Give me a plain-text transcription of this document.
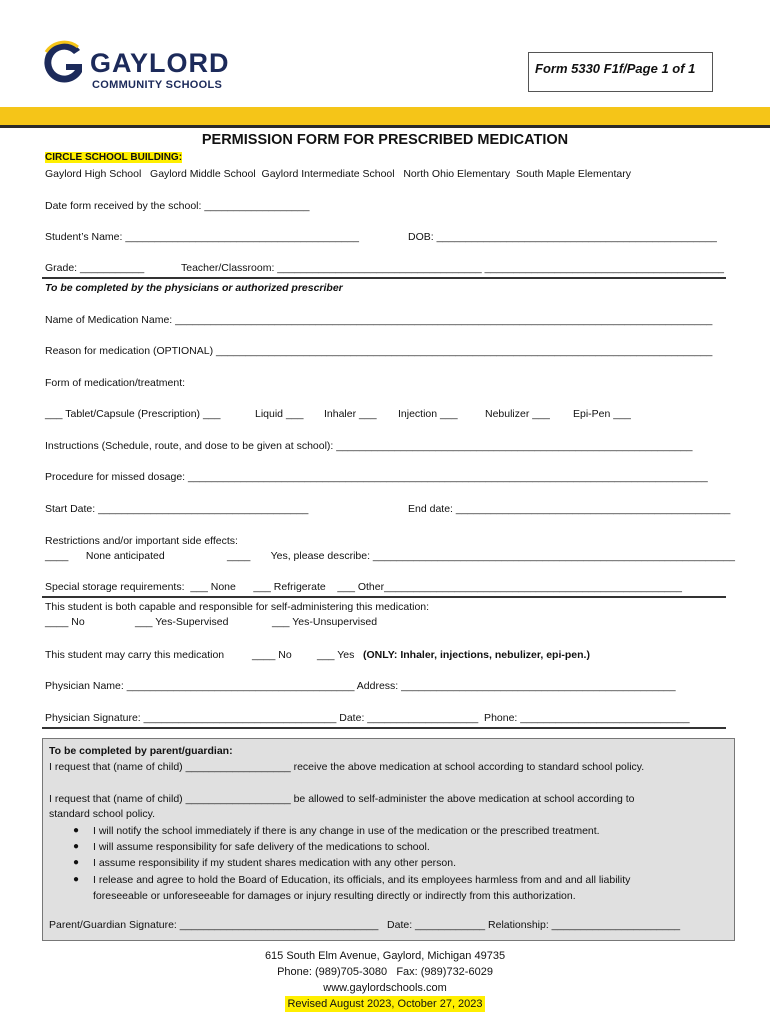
GAYLORD
COMMUNITY SCHOOLS
Form 5330 F1f/Page 1 of 1
PERMISSION FORM FOR PRESCRIBED MEDICATION
CIRCLE SCHOOL BUILDING:
Gaylord High School   Gaylord Middle School  Gaylord Intermediate School   North Ohio Elementary  South Maple Elementary
Date form received by the school: __________________
Student’s Name: ________________________________________	DOB: ________________________________________________
Grade: ___________	Teacher/Classroom: ___________________________________ _________________________________________
To be completed by the physicians or authorized prescriber
Name of Medication Name: ____________________________________________________________________________________________
Reason for medication (OPTIONAL) _____________________________________________________________________________________
Form of medication/treatment:
___ Tablet/Capsule (Prescription) ___	Liquid ___ Inhaler ___ Injection ___	Nebulizer ___ Epi-Pen ___
Instructions (Schedule, route, and dose to be given at school): _____________________________________________________________
Procedure for missed dosage: _________________________________________________________________________________________
Start Date: ____________________________________	End date: _______________________________________________
Restrictions and/or important side effects:
____      None anticipated	____       Yes, please describe: ______________________________________________________________
Special storage requirements:  ___ None      ___ Refrigerate    ___ Other___________________________________________________
This student is both capable and responsible for self-administering this medication:
____ No	___ Yes-Supervised	___ Yes-Unsupervised
This student may carry this medication	____ No ___ Yes (ONLY: Inhaler, injections, nebulizer, epi-pen.)
Physician Name: _______________________________________ Address: _______________________________________________
Physician Signature: _________________________________ Date: ___________________  Phone: _____________________________
To be completed by parent/guardian:
I request that (name of child) __________________ receive the above medication at school according to standard school policy.
I request that (name of child) __________________ be allowed to self-administer the above medication at school according to
standard school policy.
● I will notify the school immediately if there is any change in use of the medication or the prescribed treatment.
● I will assume responsibility for safe delivery of the medications to school.
● I assume responsibility if my student shares medication with any other person.
● I release and agree to hold the Board of Education, its officials, and its employees harmless from and and all liability
foreseeable or unforeseeable for damages or injury resulting directly or indirectly from this authorization.
Parent/Guardian Signature: __________________________________   Date: ____________ Relationship: ______________________
615 South Elm Avenue, Gaylord, Michigan 49735
Phone: (989)705-3080   Fax: (989)732-6029
www.gaylordschools.com
Revised August 2023, October 27, 2023
